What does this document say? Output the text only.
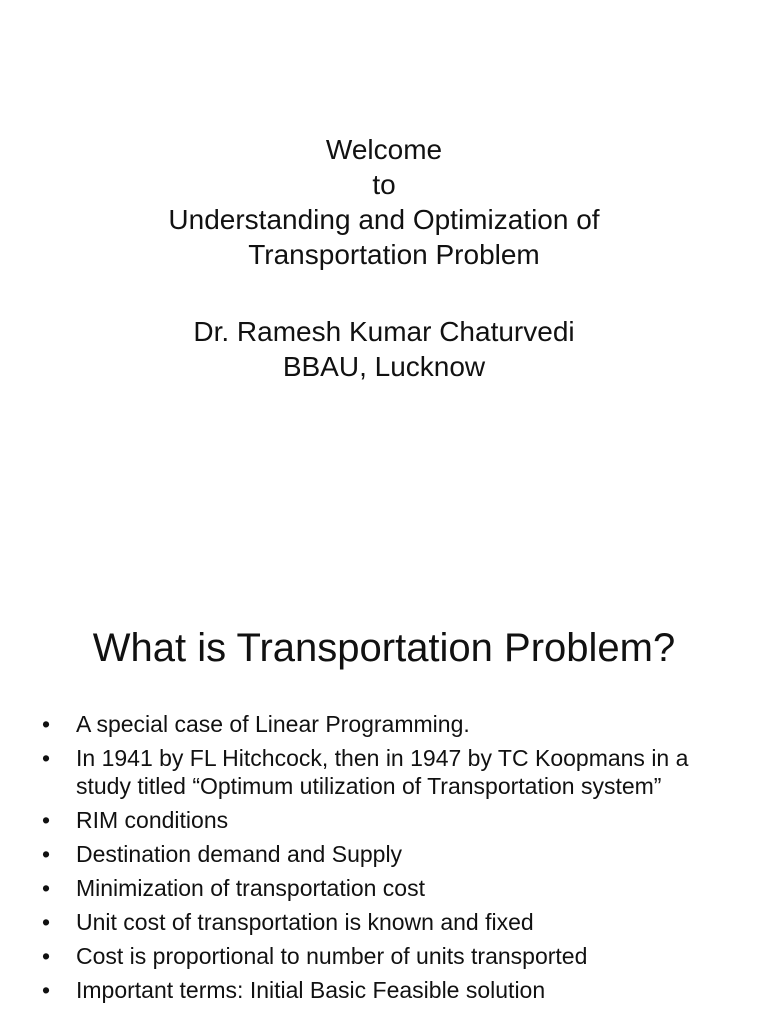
Welcome
to
Understanding and Optimization of
Transportation Problem
Dr. Ramesh Kumar Chaturvedi
BBAU, Lucknow
What is Transportation Problem?
•	A special case of Linear Programming.
•	In 1941 by FL Hitchcock, then in 1947 by TC Koopmans in a study titled “Optimum utilization of Transportation system”
•	RIM conditions
•	Destination demand and Supply
•	Minimization of transportation cost
•	Unit cost of transportation is known and fixed
•	Cost is proportional to number of units transported
•	Important terms: Initial Basic Feasible solution
